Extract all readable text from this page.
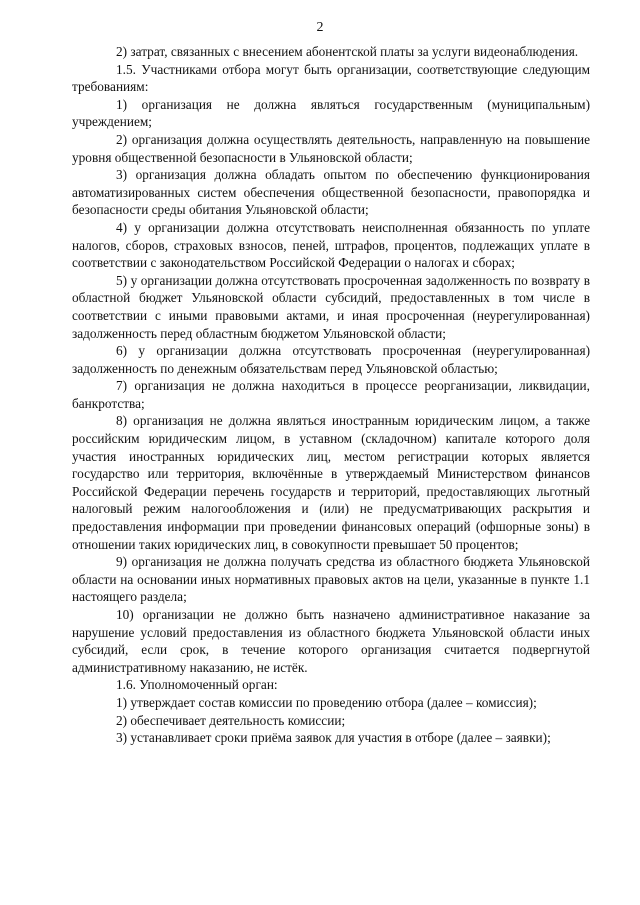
2

2) затрат, связанных с внесением абонентской платы за услуги видеонаблюдения.

1.5. Участниками отбора могут быть организации, соответствующие следующим требованиям:

1) организация не должна являться государственным (муниципальным) учреждением;

2) организация должна осуществлять деятельность, направленную на повышение уровня общественной безопасности в Ульяновской области;

3) организация должна обладать опытом по обеспечению функционирования автоматизированных систем обеспечения общественной безопасности, правопорядка и безопасности среды обитания Ульяновской области;

4) у организации должна отсутствовать неисполненная обязанность по уплате налогов, сборов, страховых взносов, пеней, штрафов, процентов, подлежащих уплате в соответствии с законодательством Российской Федерации о налогах и сборах;

5) у организации должна отсутствовать просроченная задолженность по возврату в областной бюджет Ульяновской области субсидий, предоставленных в том числе в соответствии с иными правовыми актами, и иная просроченная (неурегулированная) задолженность перед областным бюджетом Ульяновской области;

6) у организации должна отсутствовать просроченная (неурегулированная) задолженность по денежным обязательствам перед Ульяновской областью;

7) организация не должна находиться в процессе реорганизации, ликвидации, банкротства;

8) организация не должна являться иностранным юридическим лицом, а также российским юридическим лицом, в уставном (складочном) капитале которого доля участия иностранных юридических лиц, местом регистрации которых является государство или территория, включённые в утверждаемый Министерством финансов Российской Федерации перечень государств и территорий, предоставляющих льготный налоговый режим налогообложения и (или) не предусматривающих раскрытия и предоставления информации при проведении финансовых операций (офшорные зоны) в отношении таких юридических лиц, в совокупности превышает 50 процентов;

9) организация не должна получать средства из областного бюджета Ульяновской области на основании иных нормативных правовых актов на цели, указанные в пункте 1.1 настоящего раздела;

10) организации не должно быть назначено административное наказание за нарушение условий предоставления из областного бюджета Ульяновской области иных субсидий, если срок, в течение которого организация считается подвергнутой административному наказанию, не истёк.

1.6. Уполномоченный орган:

1) утверждает состав комиссии по проведению отбора (далее – комиссия);

2) обеспечивает деятельность комиссии;

3) устанавливает сроки приёма заявок для участия в отборе (далее – заявки);
